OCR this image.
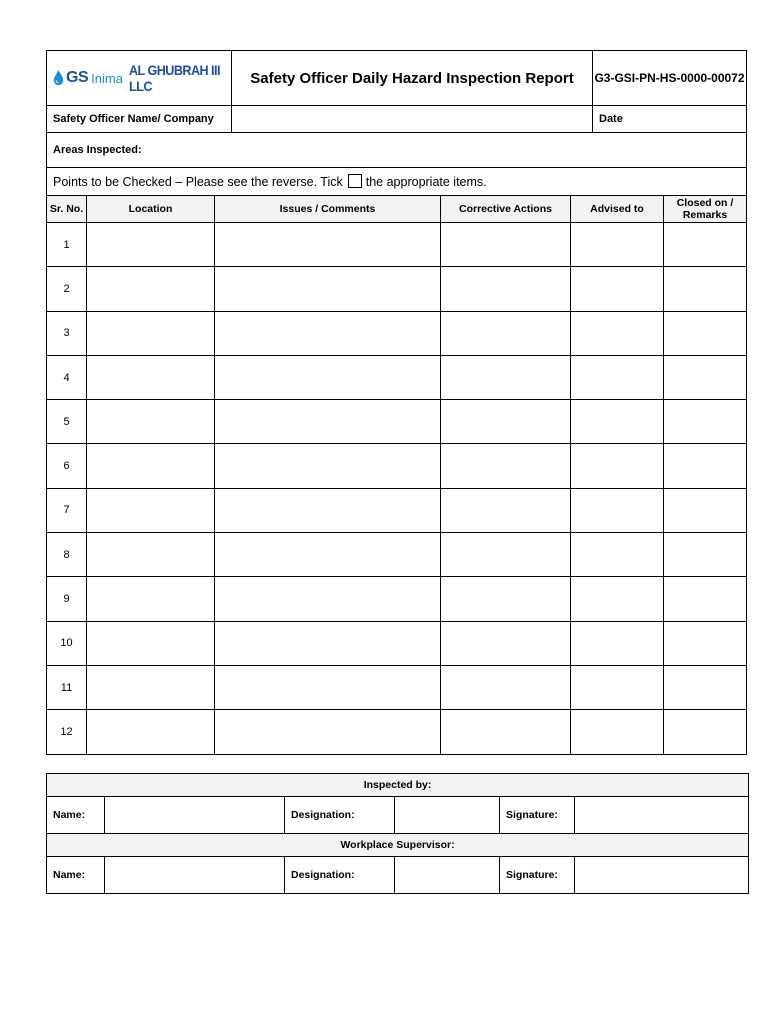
GS Inima AL GHUBRAH III LLC	Safety Officer Daily Hazard Inspection Report	G3-GSI-PN-HS-0000-00072
Safety Officer Name/ Company		Date
Areas Inspected:		
Points to be Checked – Please see the reverse. Tick the appropriate items.		
Sr. No.	Location	Issues / Comments	Corrective Actions	Advised to	Closed on / Remarks
1					
2					
3					
4					
5					
6					
7					
8					
9					
10					
11					
12					
Inspected by:					
Name:		Designation:		Signature:	
Workplace Supervisor:					
Name:		Designation:		Signature:	
